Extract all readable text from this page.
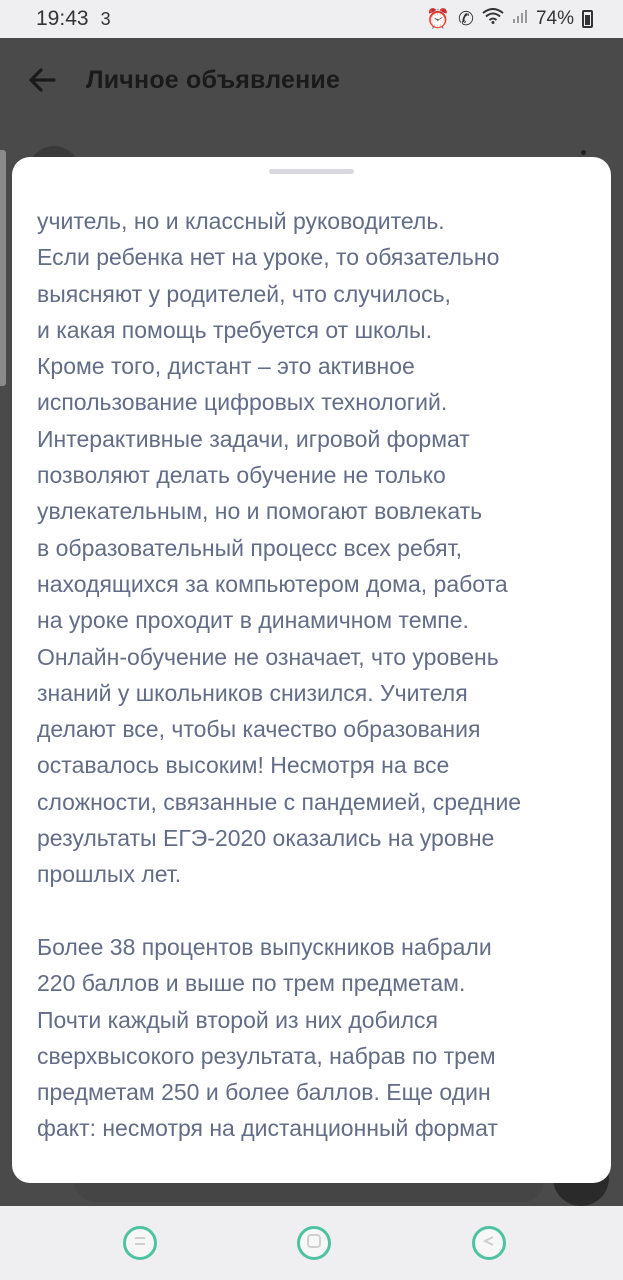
19:43 3	⏰ ✆	74%
Личное объявление
учитель, но и классный руководитель.
Если ребенка нет на уроке, то обязательно
выясняют у родителей, что случилось,
и какая помощь требуется от школы.
Кроме того, дистант – это активное
использование цифровых технологий.
Интерактивные задачи, игровой формат
позволяют делать обучение не только
увлекательным, но и помогают вовлекать
в образовательный процесс всех ребят,
находящихся за компьютером дома, работа
на уроке проходит в динамичном темпе.
Онлайн-обучение не означает, что уровень
знаний у школьников снизился. Учителя
делают все, чтобы качество образования
оставалось высоким! Несмотря на все
сложности, связанные с пандемией, средние
результаты ЕГЭ-2020 оказались на уровне
прошлых лет.
Более 38 процентов выпускников набрали
220 баллов и выше по трем предметам.
Почти каждый второй из них добился
сверхвысокого результата, набрав по трем
предметам 250 и более баллов. Еще один
факт: несмотря на дистанционный формат
